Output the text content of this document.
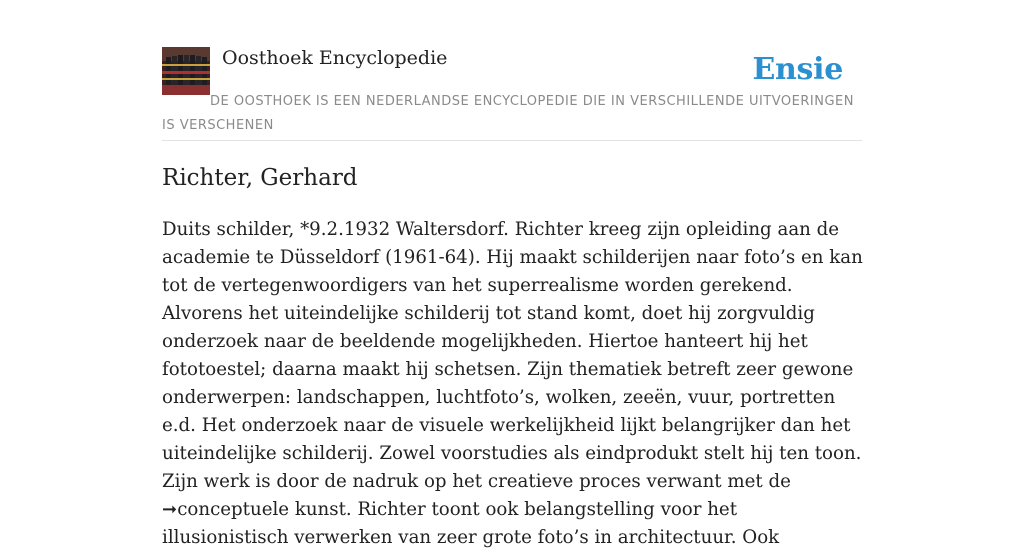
Oosthoek Encyclopedie	Ensie
DE OOSTHOEK IS EEN NEDERLANDSE ENCYCLOPEDIE DIE IN VERSCHILLENDE UITVOERINGEN IS VERSCHENEN
Richter, Gerhard

Duits schilder, *9.2.1932 Waltersdorf. Richter kreeg zijn opleiding aan de academie te Düsseldorf (1961-64). Hij maakt schilderijen naar foto’s en kan tot de vertegenwoordigers van het superrealisme worden gerekend. Alvorens het uiteindelijke schilderij tot stand komt, doet hij zorgvuldig onderzoek naar de beeldende mogelijkheden. Hiertoe hanteert hij het fototoestel; daarna maakt hij schetsen. Zijn thematiek betreft zeer gewone onderwerpen: landschappen, luchtfoto’s, wolken, zeeën, vuur, portretten e.d. Het onderzoek naar de visuele werkelijkheid lijkt belangrijker dan het uiteindelijke schilderij. Zowel voorstudies als eindprodukt stelt hij ten toon. Zijn werk is door de nadruk op het creatieve proces verwant met de ➞conceptuele kunst. Richter toont ook belangstelling voor het illusionistisch verwerken van zeer grote foto’s in architectuur. Ook
